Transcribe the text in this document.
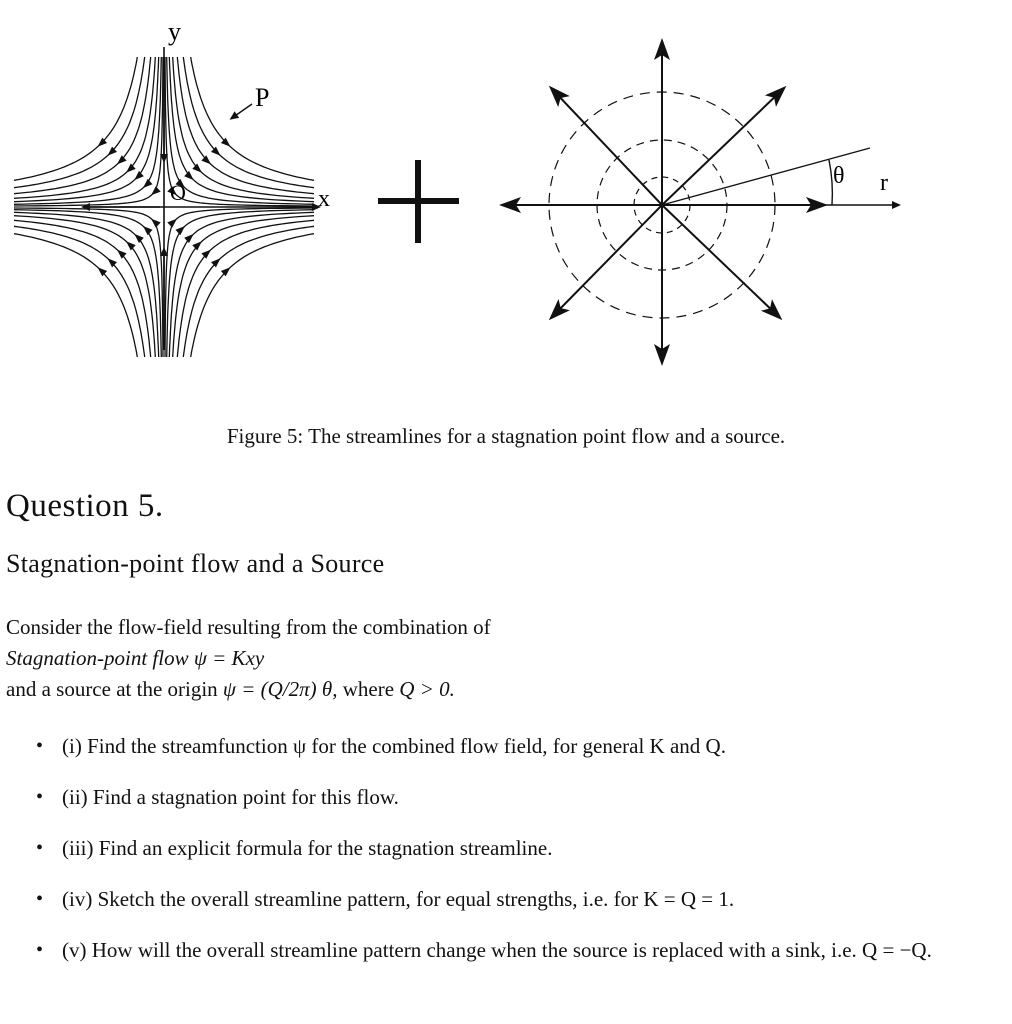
y
x
O
P
θ r
Figure 5: The streamlines for a stagnation point flow and a source.
Question 5.
Stagnation-point flow and a Source
Consider the flow-field resulting from the combination of
Stagnation-point flow ψ = Kxy
and a source at the origin ψ = (Q/2π) θ, where Q > 0.
• (i) Find the streamfunction ψ for the combined flow field, for general K and Q.
• (ii) Find a stagnation point for this flow.
• (iii) Find an explicit formula for the stagnation streamline.
• (iv) Sketch the overall streamline pattern, for equal strengths, i.e. for K = Q = 1.
• (v) How will the overall streamline pattern change when the source is replaced with a sink, i.e. Q = −Q.
